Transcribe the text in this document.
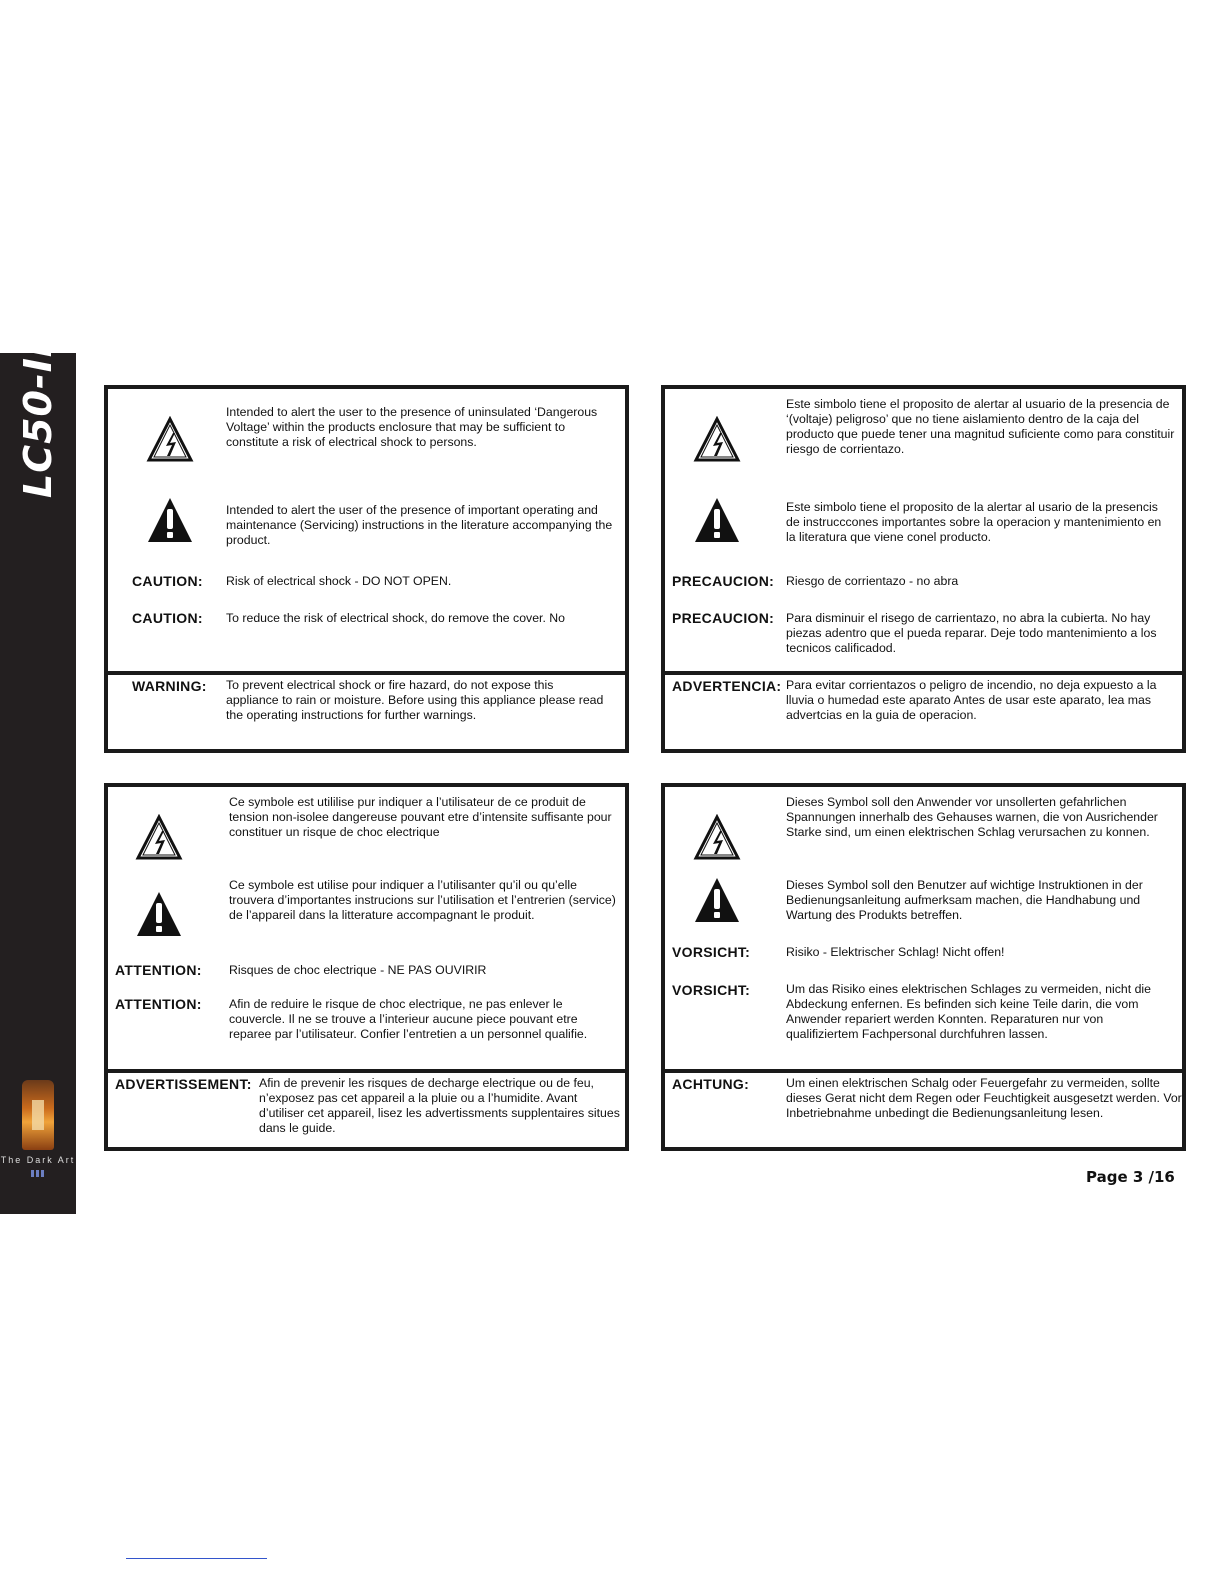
LC50-II
The Dark Art
Intended to alert the user to the presence of uninsulated ‘Dangerous Voltage’ within the products enclosure that may be sufficient to constitute a risk of electrical shock to persons.
Intended to alert the user of the presence of important operating and maintenance (Servicing) instructions in the literature accompanying the product.
CAUTION: Risk of electrical shock - DO NOT OPEN.
CAUTION: To reduce the risk of electrical shock, do remove the cover. No
WARNING: To prevent electrical shock or fire hazard, do not expose this appliance to rain or moisture. Before using this appliance please read the operating instructions for further warnings.
Este simbolo tiene el proposito de alertar al usuario de la presencia de ‘(voltaje) peligroso’ que no tiene aislamiento dentro de la caja del producto que puede tener una magnitud suficiente como para constituir riesgo de corrientazo.
Este simbolo tiene el proposito de la alertar al usario de la presencis de instrucccones importantes sobre la operacion y mantenimiento en la literatura que viene conel producto.
PRECAUCION: Riesgo de corrientazo - no abra
PRECAUCION: Para disminuir el risego de carrientazo, no abra la cubierta. No hay piezas adentro que el pueda reparar. Deje todo mantenimiento a los tecnicos calificadod.
ADVERTENCIA: Para evitar corrientazos o peligro de incendio, no deja expuesto a la lluvia o humedad este aparato Antes de usar este aparato, lea mas advertcias en la guia de operacion.
Ce symbole est utililise pur indiquer a l’utilisateur de ce produit de tension non-isolee dangereuse pouvant etre d’intensite suffisante pour constituer un risque de choc electrique
Ce symbole est utilise pour indiquer a l’utilisanter qu’il ou qu’elle trouvera d’importantes instrucions sur l’utilisation et l’entrerien (service) de l’appareil dans la litterature accompagnant le produit.
ATTENTION: Risques de choc electrique - NE PAS OUVIRIR
ATTENTION: Afin de reduire le risque de choc electrique, ne pas enlever le couvercle. Il ne se trouve a l’interieur aucune piece pouvant etre reparee par l’utilisateur. Confier l’entretien a un personnel qualifie.
ADVERTISSEMENT: Afin de prevenir les risques de decharge electrique ou de feu, n’exposez pas cet appareil a la pluie ou a l’humidite. Avant d’utiliser cet appareil, lisez les advertissments supplentaires situes dans le guide.
Dieses Symbol soll den Anwender vor unsollerten gefahrlichen Spannungen innerhalb des Gehauses warnen, die von Ausrichender Starke sind, um einen elektrischen Schlag verursachen zu konnen.
Dieses Symbol soll den Benutzer auf wichtige Instruktionen in der Bedienungsanleitung aufmerksam machen, die Handhabung und Wartung des Produkts betreffen.
VORSICHT:	Risiko - Elektrischer Schlag! Nicht offen!
VORSICHT:	Um das Risiko eines elektrischen Schlages zu vermeiden, nicht die Abdeckung enfernen. Es befinden sich keine Teile darin, die vom Anwender repariert werden Konnten. Reparaturen nur von qualifiziertem Fachpersonal durchfuhren lassen.
ACHTUNG:	Um einen elektrischen Schalg oder Feuergefahr zu vermeiden, sollte dieses Gerat nicht dem Regen oder Feuchtigkeit ausgesetzt werden. Vor Inbetriebnahme unbedingt die Bedienungsanleitung lesen.
Page 3 /16
